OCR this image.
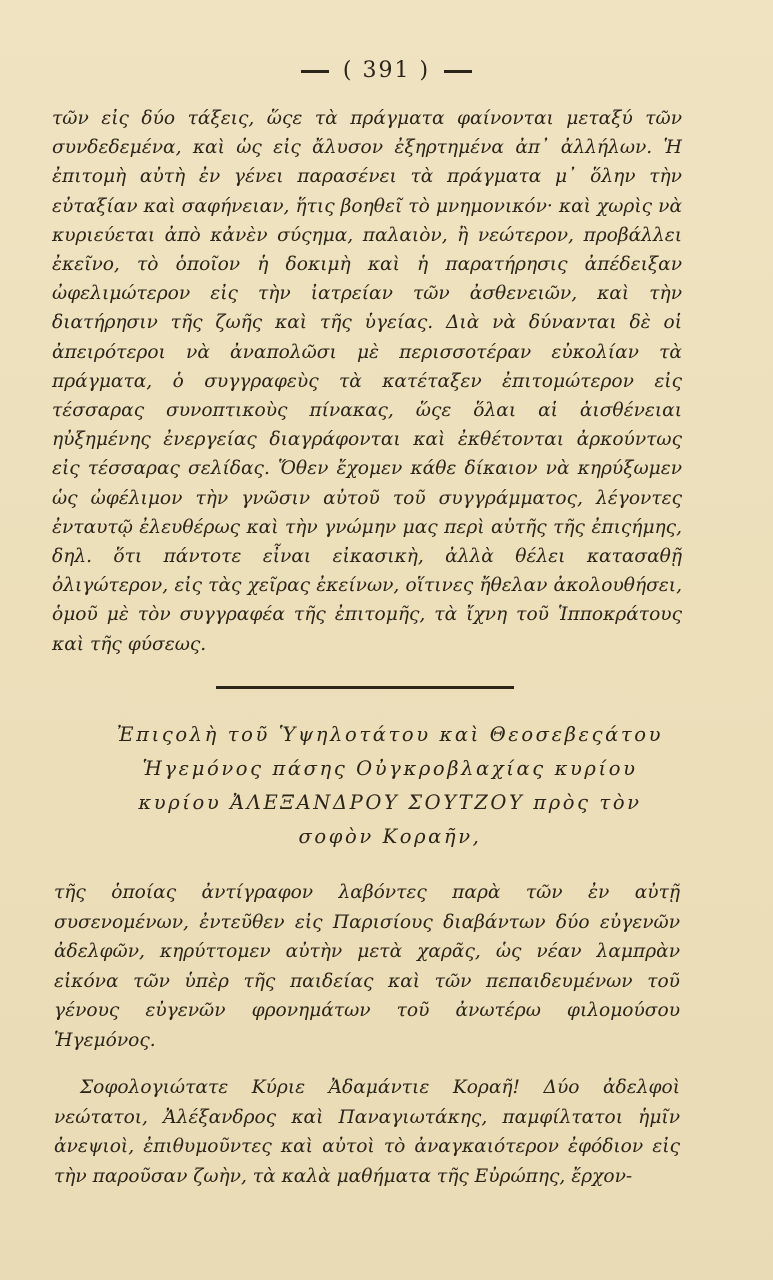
( 391 )
τῶν εἰς δύο τάξεις, ὥςε τὰ πράγματα φαίνονται μεταξύ τῶν συνδεδεμένα, καὶ ὡς εἰς ἄλυσον ἐξηρτημένα ἀπ᾿ ἀλλήλων. Ἡ ἐπιτομὴ αὐτὴ ἐν γένει παρασένει τὰ πράγματα μ᾿ ὅλην τὴν εὐταξίαν καὶ σαφήνειαν, ἥτις βοηθεῖ τὸ μνημονικόν· καὶ χωρὶς νὰ κυριεύεται ἀπὸ κἀνὲν σύςημα, παλαιὸν, ἢ νεώτερον, προβάλλει ἐκεῖνο, τὸ ὁποῖον ἡ δοκιμὴ καὶ ἡ παρατήρησις ἀπέδειξαν ὠφελιμώτερον εἰς τὴν ἰατρείαν τῶν ἀσθενειῶν, καὶ τὴν διατήρησιν τῆς ζωῆς καὶ τῆς ὑγείας. Διὰ νὰ δύνανται δὲ οἱ ἀπειρότεροι νὰ ἀναπολῶσι μὲ περισσοτέραν εὐκολίαν τὰ πράγματα, ὁ συγγραφεὺς τὰ κατέταξεν ἐπιτομώτερον εἰς τέσσαρας συνοπτικοὺς πίνακας, ὥςε ὅλαι αἱ ἀισθένειαι ηὐξημένης ἐνεργείας διαγράφονται καὶ ἐκθέτονται ἀρκούντως εἰς τέσσαρας σελίδας. Ὅθεν ἔχομεν κάθε δίκαιον νὰ κηρύξωμεν ὡς ὠφέλιμον τὴν γνῶσιν αὐτοῦ τοῦ συγγράμματος, λέγοντες ἐνταυτῷ ἐλευθέρως καὶ τὴν γνώμην μας περὶ αὐτῆς τῆς ἐπιςήμης, δηλ. ὅτι πάντοτε εἶναι εἰκασικὴ, ἀλλὰ θέλει κατασαθῇ ὀλιγώτερον, εἰς τὰς χεῖρας ἐκείνων, οἵτινες ἤθελαν ἀκολουθήσει, ὁμοῦ μὲ τὸν συγγραφέα τῆς ἐπιτομῆς, τὰ ἴχνη τοῦ Ἱπποκράτους καὶ τῆς φύσεως.
Ἐπιςολὴ τοῦ Ὑψηλοτάτου καὶ Θεοσεβεςάτου
Ἡγεμόνος πάσης Οὐγκροβλαχίας κυρίου
κυρίου ἈΛΕΞΑΝΔΡΟΥ ΣΟΥΤΖΟΥ πρὸς τὸν
σοφὸν Κοραῆν,
τῆς ὁποίας ἀντίγραφον λαβόντες παρὰ τῶν ἐν αὐτῇ συσενομένων, ἐντεῦθεν εἰς Παρισίους διαβάντων δύο εὐγενῶν ἀδελφῶν, κηρύττομεν αὐτὴν μετὰ χαρᾶς, ὡς νέαν λαμπρὰν εἰκόνα τῶν ὑπὲρ τῆς παιδείας καὶ τῶν πεπαιδευμένων τοῦ γένους εὐγενῶν φρονημάτων τοῦ ἀνωτέρω φιλομούσου Ἡγεμόνος.
Σοφολογιώτατε Κύριε Ἀδαμάντιε Κοραῆ! Δύο ἀδελφοὶ νεώτατοι, Ἀλέξανδρος καὶ Παναγιωτάκης, παμφίλτατοι ἡμῖν ἀνεψιοὶ, ἐπιθυμοῦντες καὶ αὐτοὶ τὸ ἀναγκαιότερον ἐφόδιον εἰς τὴν παροῦσαν ζωὴν, τὰ καλὰ μαθήματα τῆς Εὐρώπης, ἔρχον-
